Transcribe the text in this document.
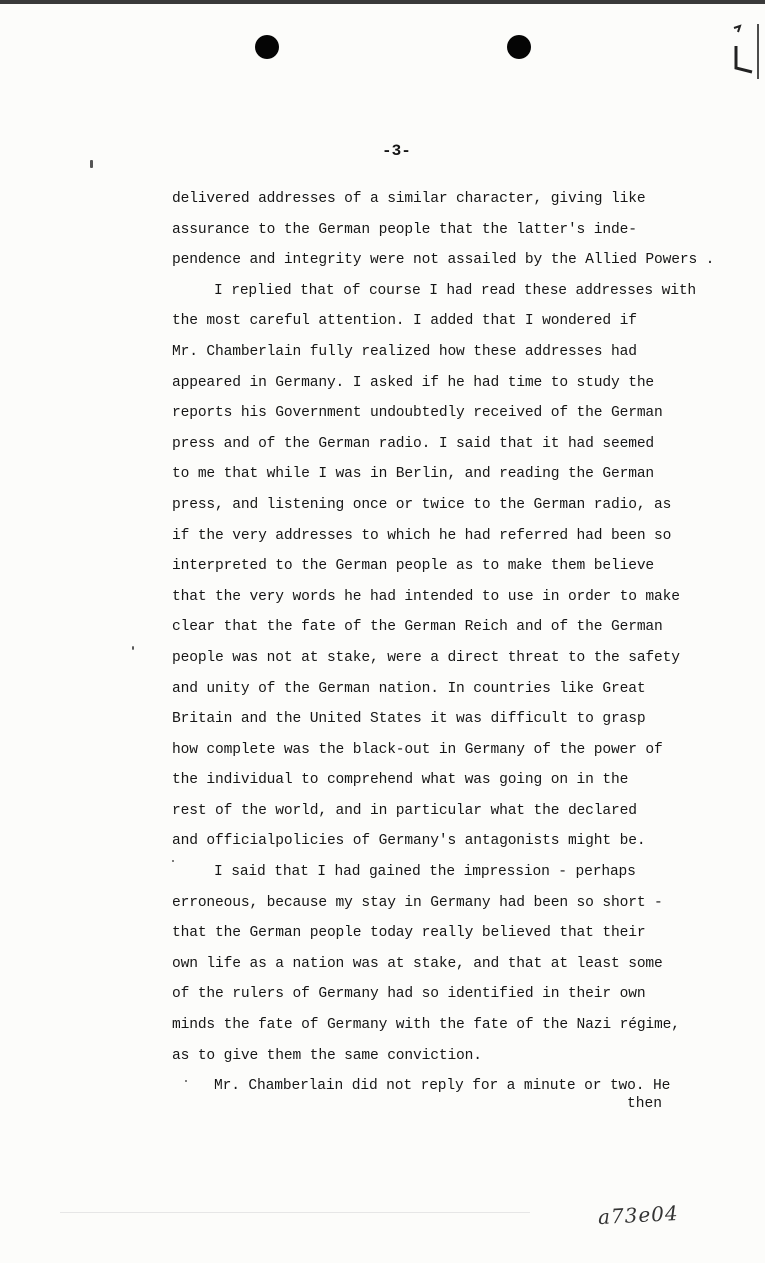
-3-
delivered addresses of a similar character, giving like
assurance to the German people that the latter's inde-
pendence and integrity were not assailed by the Allied Powers .
I replied that of course I had read these addresses with
the most careful attention. I added that I wondered if
Mr. Chamberlain fully realized how these addresses had
appeared in Germany. I asked if he had time to study the
reports his Government undoubtedly received of the German
press and of the German radio. I said that it had seemed
to me that while I was in Berlin, and reading the German
press, and listening once or twice to the German radio, as
if the very addresses to which he had referred had been so
interpreted to the German people as to make them believe
that the very words he had intended to use in order to make
clear that the fate of the German Reich and of the German
people was not at stake, were a direct threat to the safety
and unity of the German nation. In countries like Great
Britain and the United States it was difficult to grasp
how complete was the black-out in Germany of the power of
the individual to comprehend what was going on in the
rest of the world, and in particular what the declared
and officialpolicies of Germany's antagonists might be.
I said that I had gained the impression - perhaps
erroneous, because my stay in Germany had been so short -
that the German people today really believed that their
own life as a nation was at stake, and that at least some
of the rulers of Germany had so identified in their own
minds the fate of Germany with the fate of the Nazi régime,
as to give them the same conviction.
Mr. Chamberlain did not reply for a minute or two. He
then
a73e04
